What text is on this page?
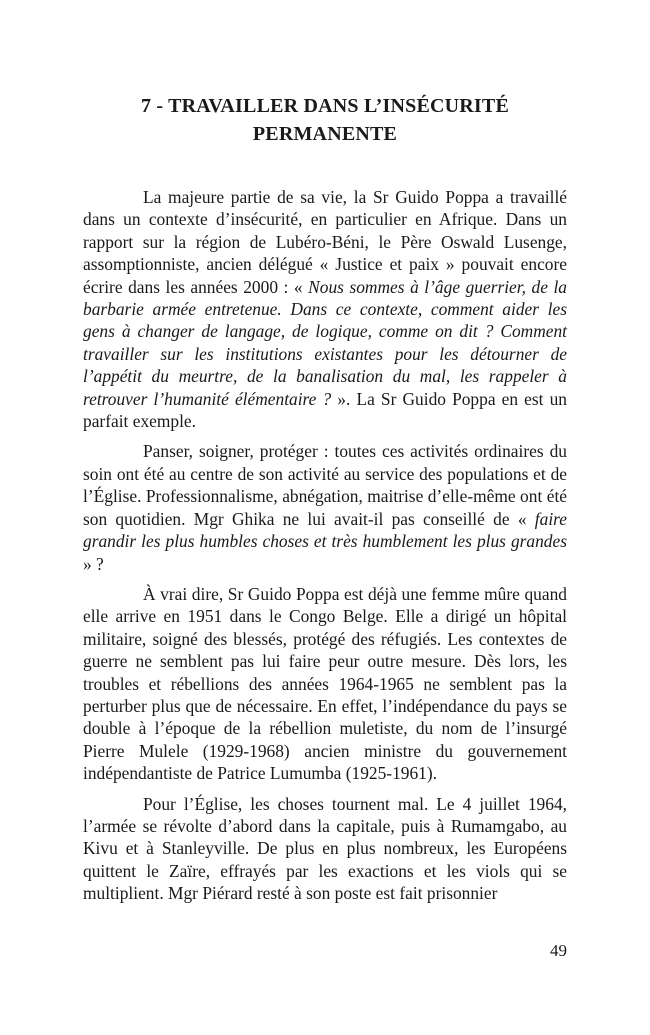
7 - TRAVAILLER DANS L’INSÉCURITÉ
PERMANENTE

La majeure partie de sa vie, la Sr Guido Poppa a travaillé dans un contexte d’insécurité, en particulier en Afrique. Dans un rapport sur la région de Lubéro-Béni, le Père Oswald Lusenge, assomptionniste, ancien délégué « Justice et paix » pouvait encore écrire dans les années 2000 : « Nous sommes à l’âge guerrier, de la barbarie armée entretenue. Dans ce contexte, comment aider les gens à changer de langage, de logique, comme on dit ? Comment travailler sur les institutions existantes pour les détourner de l’appétit du meurtre, de la banalisation du mal, les rappeler à retrouver l’humanité élémentaire ? ». La Sr Guido Poppa en est un parfait exemple.

Panser, soigner, protéger : toutes ces activités ordinaires du soin ont été au centre de son activité au service des populations et de l’Église. Professionnalisme, abnégation, maitrise d’elle-même ont été son quotidien. Mgr Ghika ne lui avait-il pas conseillé de « faire grandir les plus humbles choses et très humblement les plus grandes » ?

À vrai dire, Sr Guido Poppa est déjà une femme mûre quand elle arrive en 1951 dans le Congo Belge. Elle a dirigé un hôpital militaire, soigné des blessés, protégé des réfugiés. Les contextes de guerre ne semblent pas lui faire peur outre mesure. Dès lors, les troubles et rébellions des années 1964-1965 ne semblent pas la perturber plus que de nécessaire. En effet, l’indépendance du pays se double à l’époque de la rébellion muletiste, du nom de l’insurgé Pierre Mulele (1929-1968) ancien ministre du gouvernement indépendantiste de Patrice Lumumba (1925-1961).

Pour l’Église, les choses tournent mal. Le 4 juillet 1964, l’armée se révolte d’abord dans la capitale, puis à Rumamgabo, au Kivu et à Stanleyville. De plus en plus nombreux, les Européens quittent le Zaïre, effrayés par les exactions et les viols qui se multiplient. Mgr Piérard resté à son poste est fait prisonnier

49
